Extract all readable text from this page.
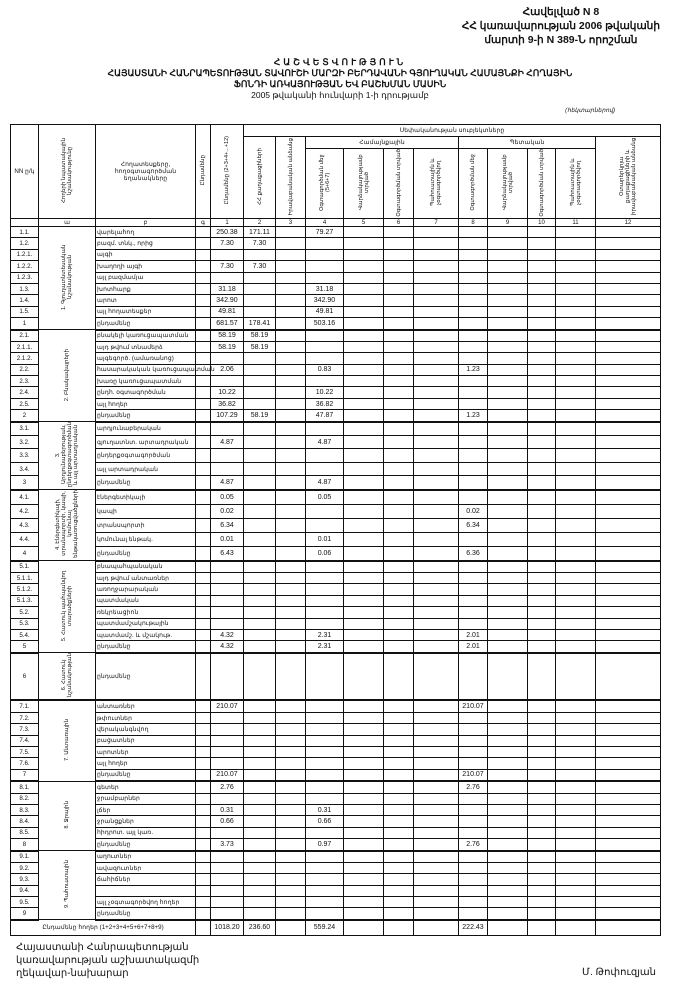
Հավելված N 8
ՀՀ կառավարության 2006 թվականի
մարտի 9-ի N 389-Ն որոշման
ՀԱՇՎԵՏՎՈՒԹՅՈՒՆ
ՀԱՅԱՍՏԱՆԻ ՀԱՆՐԱՊԵՏՈՒԹՅԱՆ ՏԱՎՈՒՇԻ ՄԱՐԶԻ ԲԵՐԴԱՎԱՆԻ ԳՅՈՒՂԱԿԱՆ ՀԱՄԱՅՆՔԻ ՀՈՂԱՅԻՆ
ՖՈՆԴԻ ԱՌԿԱՅՈՒԹՅԱՆ ԵՎ ԲԱՇԽՄԱՆ ՄԱՍԻՆ
2005 թվականի հունվարի 1-ի դրությամբ
(հեկտարներով)
NN ը/կ	Հողերի նպատակային նշանակությունը	Հողատեսքերը, հողօգտագործման եղանակները	Ընդամենը	Ընդամենը (2+3+4+...+12)	Սեփականության սուբյեկտները										
					ՀՀ քաղաքացիների	Իրավաբանական անձանց	Համայնքային				Պետական				Օտարերկրյա քաղաքացիների և իրավաբանական անձանց
							Օգտագործման մեջ (5+6+7)	Վարձակալությամբ տրված	Օգտագործման տրված	Պահուստային և չօգտագործվող	Օգտագործման մեջ	Վարձակալությամբ տրված	Օգտագործման տրված	Պահուստային և չօգտագործվող	
	ա	բ	գ	1	2	3	4	5	6	7	8	9	10	11	12
1.1.	1. Գյուղատնտեսական նշանակության	վարելահող		250.38	171.11		79.27								
1.2.		բազմ. տնկ., որից		7.30	7.30										
1.2.1.		այգի													
1.2.2.		խաղողի այգի		7.30	7.30										
1.2.3.		այլ բազմամյա													
1.3.		խոտհարք		31.18			31.18								
1.4.		արոտ		342.90			342.90								
1.5.		այլ հողատեսքեր		49.81			49.81								
1		ընդամենը		681.57	178.41		503.16								
2.1.	2. Բնակավայրերի	բնակելի կառուցապատման		58.19	58.19										
2.1.1.		այդ թվում տնամերձ		58.19	58.19										
2.1.2.		այգեգործ. (ամառանոց)													
2.2.		հասարակական կառուցապատման		2.06			0.83				1.23				
2.3.		խառը կառուցապատման													
2.4.		ընդհ. օգտագործման		10.22			10.22								
2.5.		այլ հողեր		36.82			36.82								
2		ընդամենը		107.29	58.19		47.87				1.23				
3.1.	3. Արդյունաբերության, ընդերքօգտագործման և այլ արտադրական	արդյունաբերական													
3.2.		գյուղատնտ. արտադրական		4.87			4.87								
3.3.		ընդերքօգտագործման													
3.4.		այլ արտադրական													
3		ընդամենը		4.87			4.87								
4.1.	4. Էներգետիկայի, տրանսպորտի, կապի, կոմունալ ենթակառուցվածքների	էներգետիկայի		0.05			0.05								
4.2.		կապի		0.02							0.02				
4.3.		տրանսպորտի		6.34							6.34				
4.4.		կոմունալ ենթակ.		0.01			0.01								
4		ընդամենը		6.43			0.06				6.36				
5.1.	5. Հատուկ պահպանվող տարածքների	բնապահպանական													
5.1.1.		այդ թվում անտառներ													
5.1.2.		առողջարարական													
5.1.3.		պատմական													
5.2.		ռեկրեացիոն													
5.3.		պատմամշակութային													
5.4.		պատմամշ. և մշակութ.		4.32			2.31				2.01				
5		ընդամենը		4.32			2.31				2.01				
6	6. Հատուկ նշանակության	ընդամենը													
7.1.	7. Անտառային	անտառներ		210.07							210.07				
7.2.		թփուտներ													
7.3.		վերականգնվող													
7.4.		բացատներ													
7.5.		արոտներ													
7.6.		այլ հողեր													
7		ընդամենը		210.07							210.07				
8.1.	8. Ջրային	գետեր		2.76							2.76				
8.2.		ջրամբարներ													
8.3.		լճեր		0.31			0.31								
8.4.		ջրանցքներ		0.66			0.66								
8.5.		հիդրոտ. այլ կառ.													
8		ընդամենը		3.73			0.97				2.76				
9.1.	9. Պահուստային	աղուտներ													
9.2.		ավազուտներ													
9.3.		ճահիճներ													
9.4.															
9.5.		այլ չօգտագործվող հողեր													
9		ընդամենը													
Ընդամենը հողեր (1+2+3+4+5+6+7+8+9)				1018.20	236.60		559.24				222.43				
Հայաստանի Հանրապետության
կառավարության աշխատակազմի
ղեկավար-նախարար	Մ. Թոփուզյան
